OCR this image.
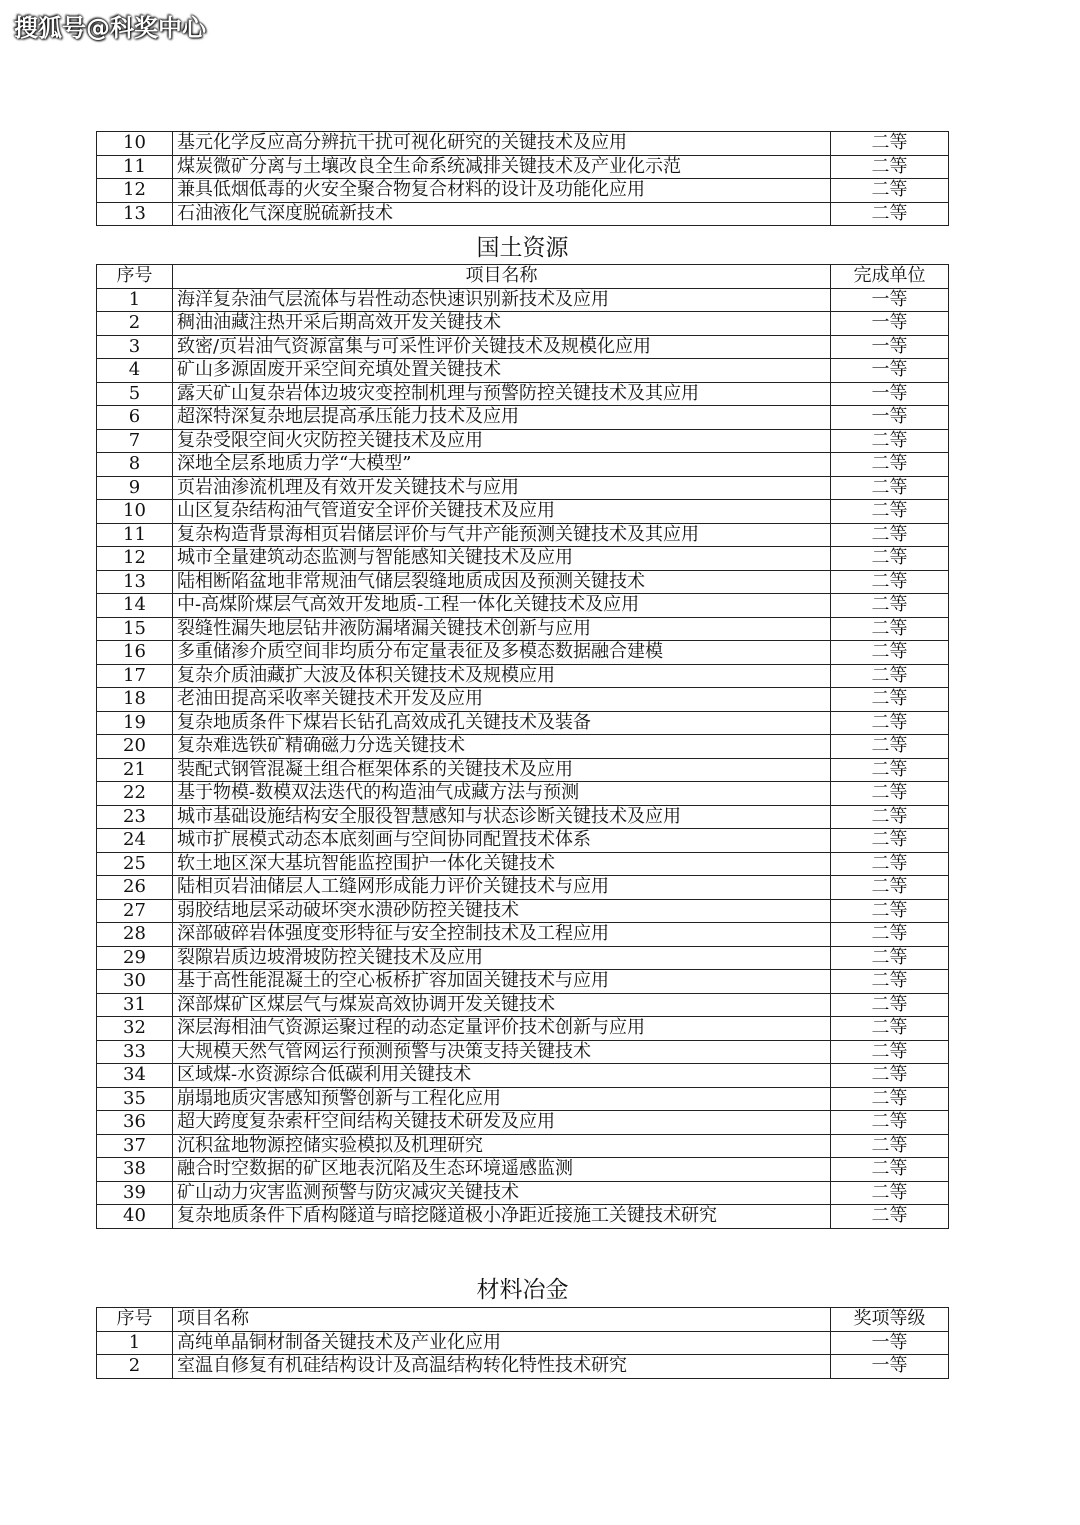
搜狐号@科奖中心
10	基元化学反应高分辨抗干扰可视化研究的关键技术及应用	二等
11	煤炭微矿分离与土壤改良全生命系统减排关键技术及产业化示范	二等
12	兼具低烟低毒的火安全聚合物复合材料的设计及功能化应用	二等
13	石油液化气深度脱硫新技术	二等
国土资源
序号	项目名称	完成单位
1	海洋复杂油气层流体与岩性动态快速识别新技术及应用	一等
2	稠油油藏注热开采后期高效开发关键技术	一等
3	致密/页岩油气资源富集与可采性评价关键技术及规模化应用	一等
4	矿山多源固废开采空间充填处置关键技术	一等
5	露天矿山复杂岩体边坡灾变控制机理与预警防控关键技术及其应用	一等
6	超深特深复杂地层提高承压能力技术及应用	一等
7	复杂受限空间火灾防控关键技术及应用	二等
8	深地全层系地质力学“大模型”	二等
9	页岩油渗流机理及有效开发关键技术与应用	二等
10	山区复杂结构油气管道安全评价关键技术及应用	二等
11	复杂构造背景海相页岩储层评价与气井产能预测关键技术及其应用	二等
12	城市全量建筑动态监测与智能感知关键技术及应用	二等
13	陆相断陷盆地非常规油气储层裂缝地质成因及预测关键技术	二等
14	中-高煤阶煤层气高效开发地质-工程一体化关键技术及应用	二等
15	裂缝性漏失地层钻井液防漏堵漏关键技术创新与应用	二等
16	多重储渗介质空间非均质分布定量表征及多模态数据融合建模	二等
17	复杂介质油藏扩大波及体积关键技术及规模应用	二等
18	老油田提高采收率关键技术开发及应用	二等
19	复杂地质条件下煤岩长钻孔高效成孔关键技术及装备	二等
20	复杂难选铁矿精确磁力分选关键技术	二等
21	装配式钢管混凝土组合框架体系的关键技术及应用	二等
22	基于物模-数模双法迭代的构造油气成藏方法与预测	二等
23	城市基础设施结构安全服役智慧感知与状态诊断关键技术及应用	二等
24	城市扩展模式动态本底刻画与空间协同配置技术体系	二等
25	软土地区深大基坑智能监控围护一体化关键技术	二等
26	陆相页岩油储层人工缝网形成能力评价关键技术与应用	二等
27	弱胶结地层采动破坏突水溃砂防控关键技术	二等
28	深部破碎岩体强度变形特征与安全控制技术及工程应用	二等
29	裂隙岩质边坡滑坡防控关键技术及应用	二等
30	基于高性能混凝土的空心板桥扩容加固关键技术与应用	二等
31	深部煤矿区煤层气与煤炭高效协调开发关键技术	二等
32	深层海相油气资源运聚过程的动态定量评价技术创新与应用	二等
33	大规模天然气管网运行预测预警与决策支持关键技术	二等
34	区域煤-水资源综合低碳利用关键技术	二等
35	崩塌地质灾害感知预警创新与工程化应用	二等
36	超大跨度复杂索杆空间结构关键技术研发及应用	二等
37	沉积盆地物源控储实验模拟及机理研究	二等
38	融合时空数据的矿区地表沉陷及生态环境遥感监测	二等
39	矿山动力灾害监测预警与防灾减灾关键技术	二等
40	复杂地质条件下盾构隧道与暗挖隧道极小净距近接施工关键技术研究	二等
材料冶金
序号	项目名称	奖项等级
1	高纯单晶铜材制备关键技术及产业化应用	一等
2	室温自修复有机硅结构设计及高温结构转化特性技术研究	一等
